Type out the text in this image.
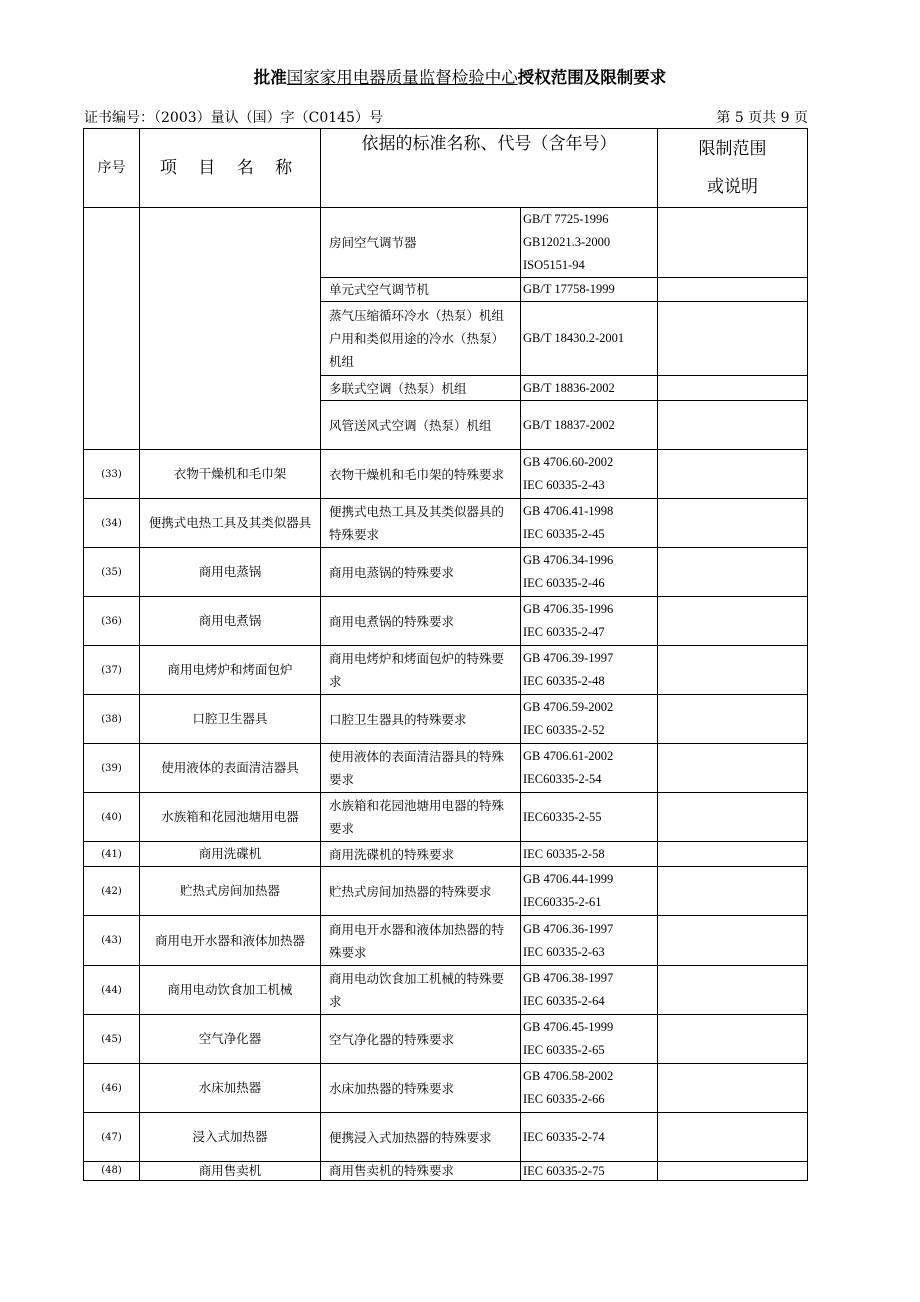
批准国家家用电器质量监督检验中心授权范围及限制要求
证书编号：（2003）量认（国）字（C0145）号	第 5 页共 9 页
序号	项 目 名 称	依据的标准名称、代号（含年号）		限制范围
或说明

		房间空气调节器	GB/T 7725-1996
GB12021.3-2000
ISO5151-94	

		单元式空气调节机	GB/T 17758-1999	

		蒸气压缩循环冷水（热泵）机组　　户用和类似用途的冷水（热泵）机组	GB/T 18430.2-2001	

		多联式空调（热泵）机组	GB/T 18836-2002	

		风管送风式空调（热泵）机组	GB/T 18837-2002	

(33)	衣物干燥机和毛巾架	衣物干燥机和毛巾架的特殊要求	GB 4706.60-2002
IEC 60335-2-43	

(34)	便携式电热工具及其类似器具	便携式电热工具及其类似器具的特殊要求	GB 4706.41-1998
IEC 60335-2-45	

(35)	商用电蒸锅	商用电蒸锅的特殊要求	GB 4706.34-1996
IEC 60335-2-46	

(36)	商用电煮锅	商用电煮锅的特殊要求	GB 4706.35-1996
IEC 60335-2-47	

(37)	商用电烤炉和烤面包炉	商用电烤炉和烤面包炉的特殊要求	GB 4706.39-1997
IEC 60335-2-48	

(38)	口腔卫生器具	口腔卫生器具的特殊要求	GB 4706.59-2002
IEC 60335-2-52	

(39)	使用液体的表面清洁器具	使用液体的表面清洁器具的特殊要求	GB 4706.61-2002
IEC60335-2-54	

(40)	水族箱和花园池塘用电器	水族箱和花园池塘用电器的特殊要求	IEC60335-2-55	

(41)	商用洗碟机	商用洗碟机的特殊要求	IEC 60335-2-58	

(42)	贮热式房间加热器	贮热式房间加热器的特殊要求	GB 4706.44-1999
IEC60335-2-61	

(43)	商用电开水器和液体加热器	商用电开水器和液体加热器的特殊要求	GB 4706.36-1997
IEC 60335-2-63	

(44)	商用电动饮食加工机械	商用电动饮食加工机械的特殊要求	GB 4706.38-1997
IEC 60335-2-64	

(45)	空气净化器	空气净化器的特殊要求	GB 4706.45-1999
IEC 60335-2-65	

(46)	水床加热器	水床加热器的特殊要求	GB 4706.58-2002
IEC 60335-2-66	

(47)	浸入式加热器	便携浸入式加热器的特殊要求	IEC 60335-2-74	

(48)	商用售卖机	商用售卖机的特殊要求	IEC 60335-2-75	
